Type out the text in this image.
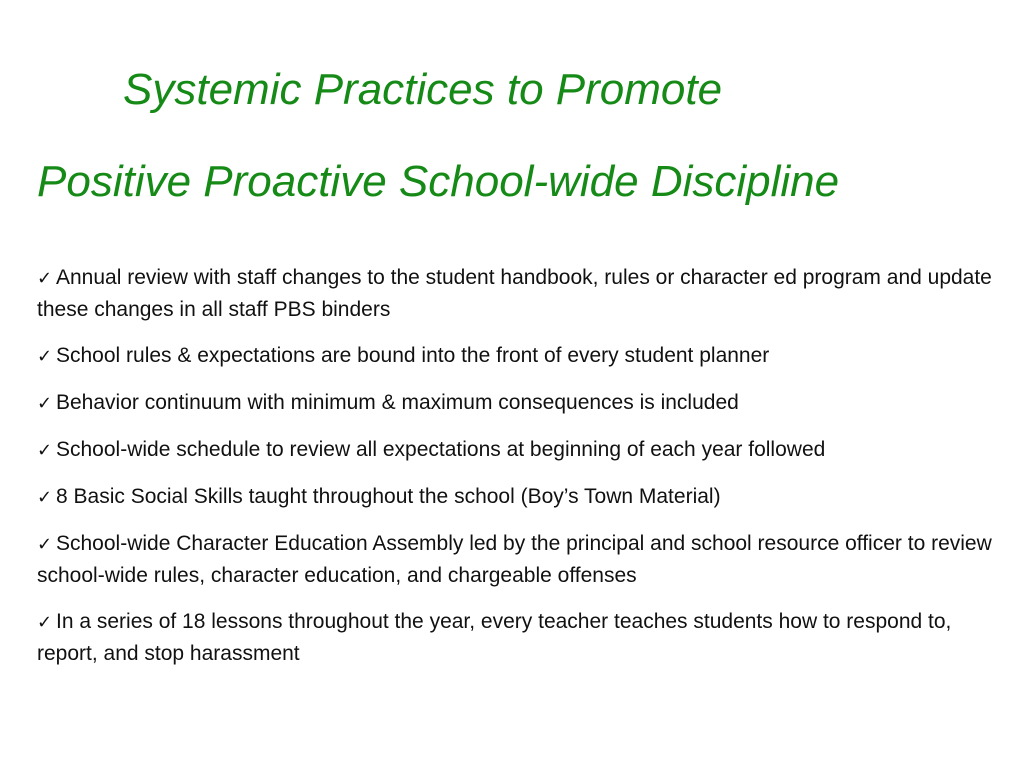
Systemic Practices to Promote
Positive Proactive School-wide Discipline
✓ Annual review with staff changes to the student handbook, rules or character ed program and update these changes in all staff PBS binders
✓ School rules & expectations are bound into the front of every student planner
✓ Behavior continuum with minimum & maximum consequences is included
✓ School-wide schedule to review all expectations at beginning of each year followed
✓ 8 Basic Social Skills taught throughout the school (Boy’s Town Material)
✓ School-wide Character Education Assembly led by the principal and school resource officer to review school-wide rules, character education, and chargeable offenses
✓ In a series of 18 lessons throughout the year, every teacher teaches students how to respond to, report, and stop harassment
